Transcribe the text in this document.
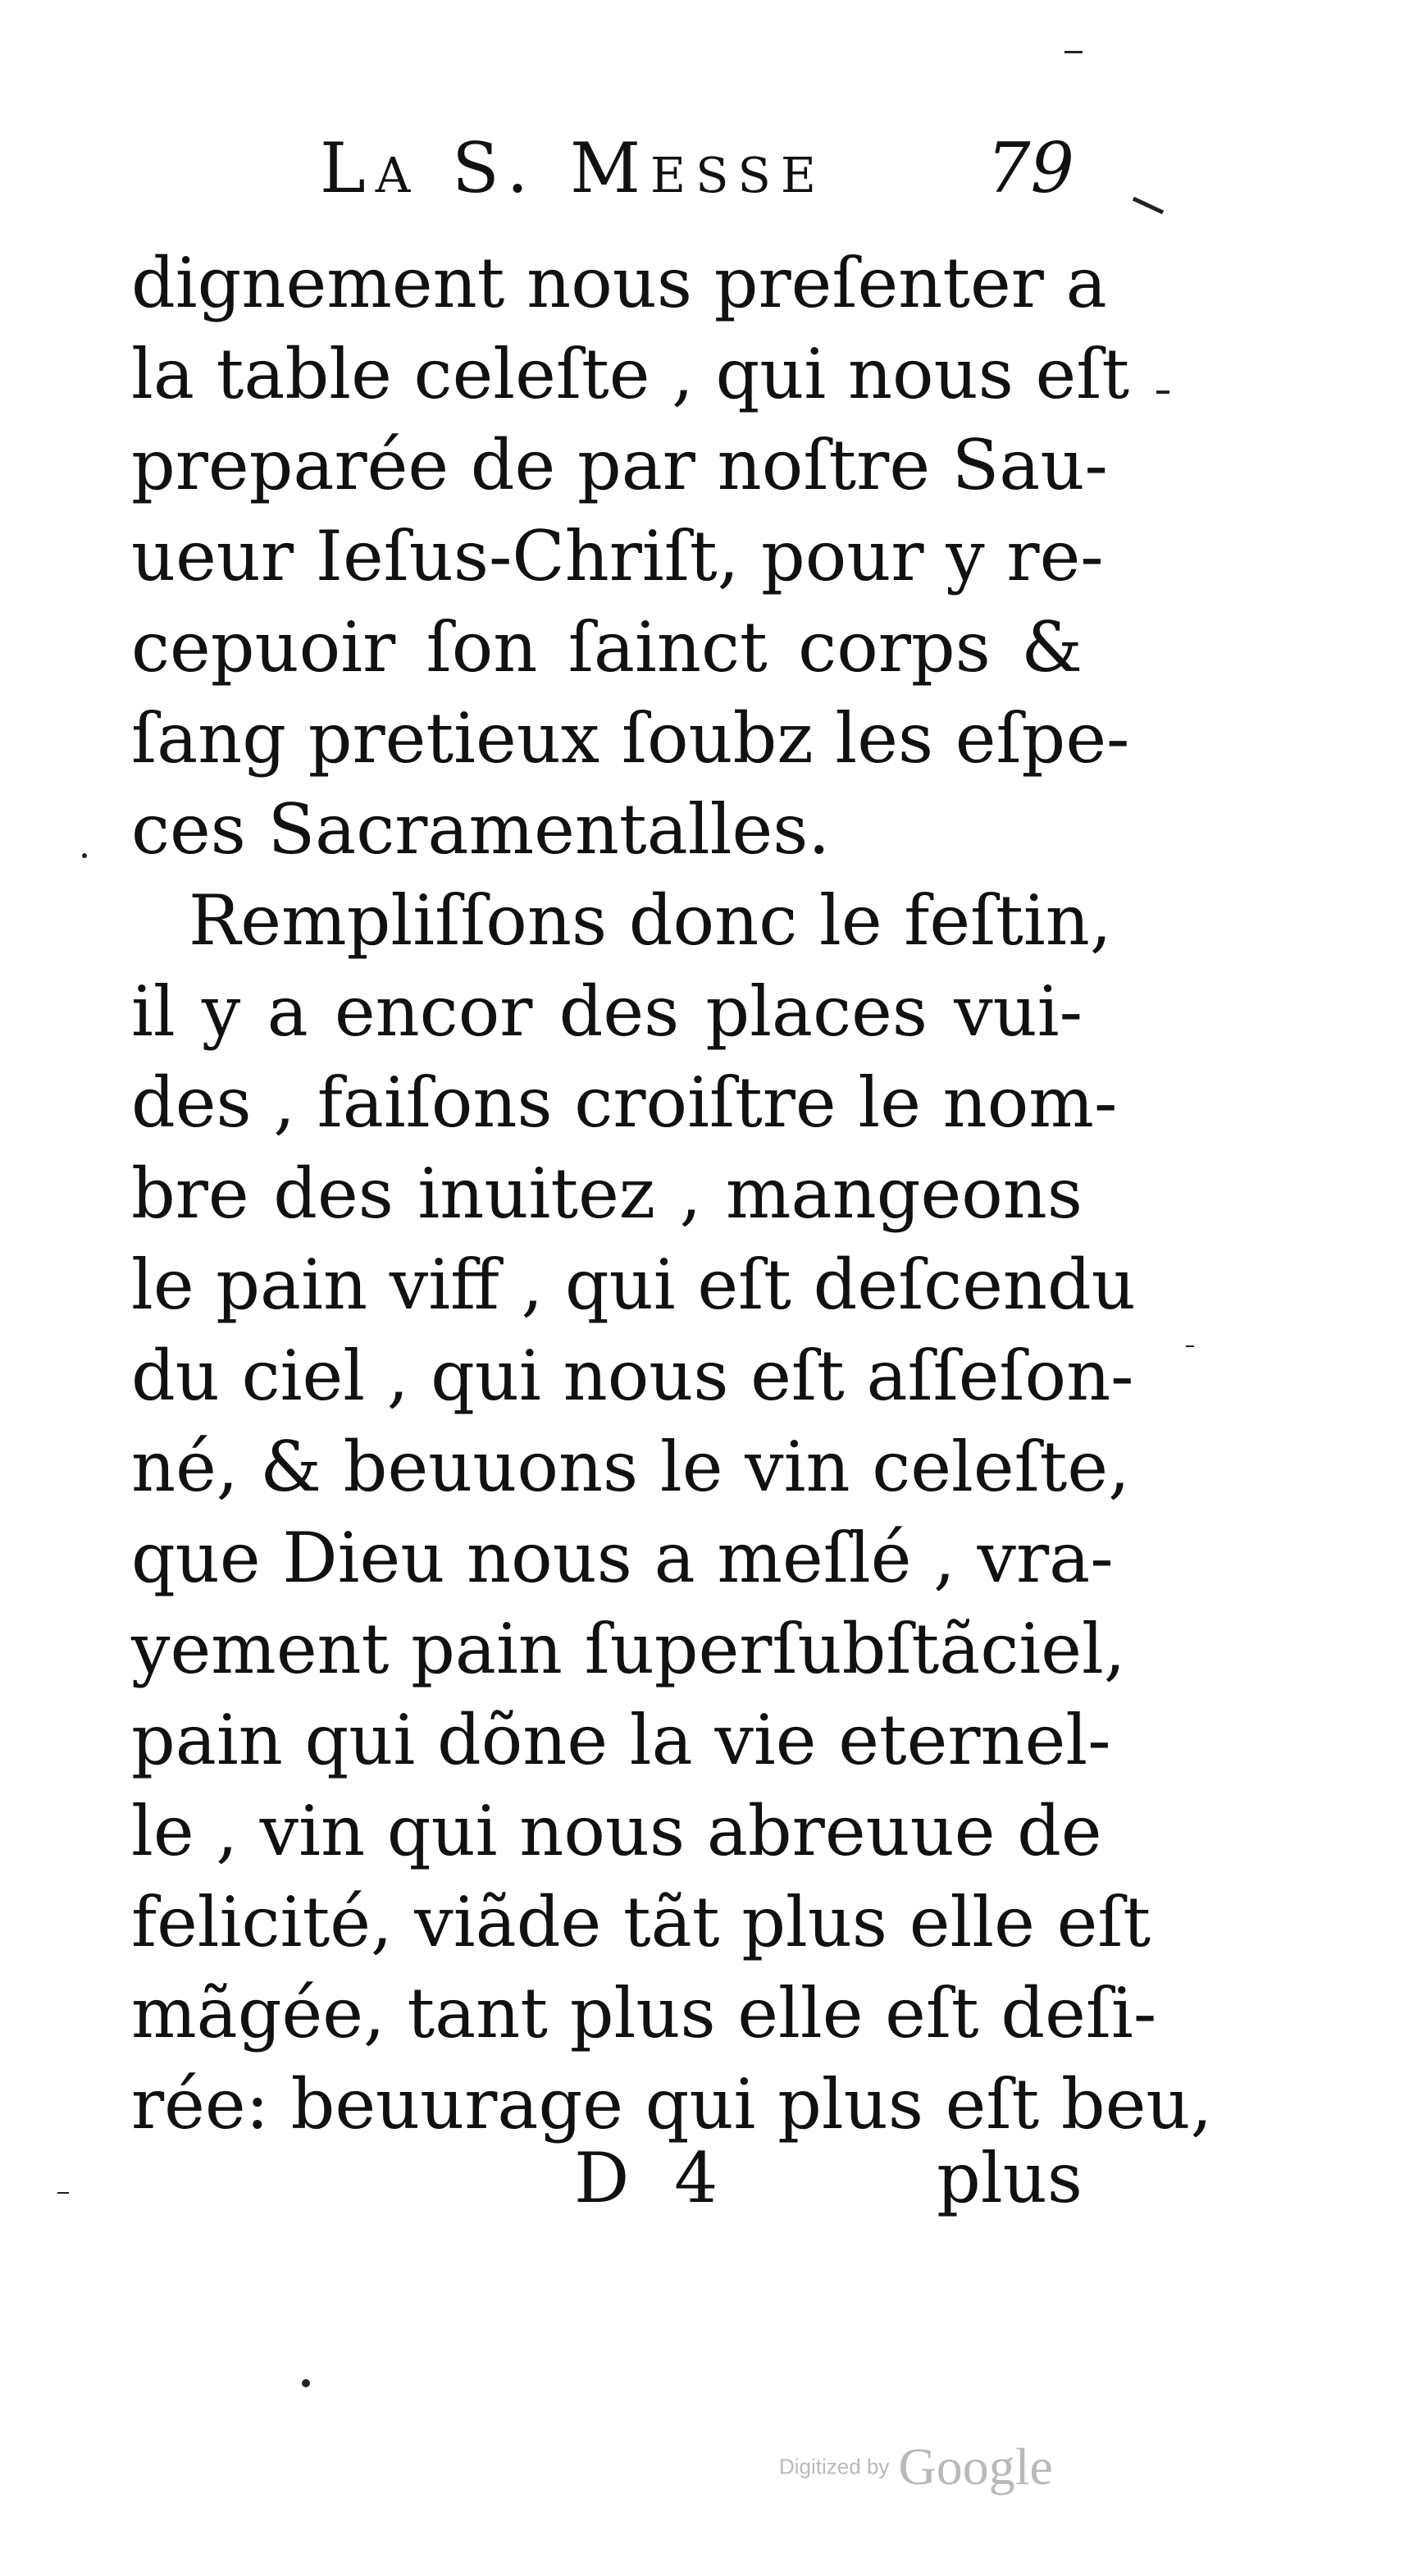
La S. Messe 79
dignement nous preſenter a
la table celeſte , qui nous eſt
preparée de par noſtre Sau-
ueur Ieſus-Chriſt, pour y re-
cepuoir ſon ſainct corps &
ſang pretieux ſoubz les eſpe-
ces Sacramentalles.
Rempliſſons donc le feſtin,
il y a encor des places vui-
des , faiſons croiſtre le nom-
bre des inuitez , mangeons
le pain viff , qui eſt deſcendu
du ciel , qui nous eſt aſſeſon-
né, & beuuons le vin celeſte,
que Dieu nous a meſlé , vra-
yement pain ſuperſubſtãciel,
pain qui dõne la vie eternel-
le , vin qui nous abreuue de
felicité, viãde tãt plus elle eſt
mãgée, tant plus elle eſt deſi-
rée: beuurage qui plus eſt beu,
D 4	plus
Digitized by Google
